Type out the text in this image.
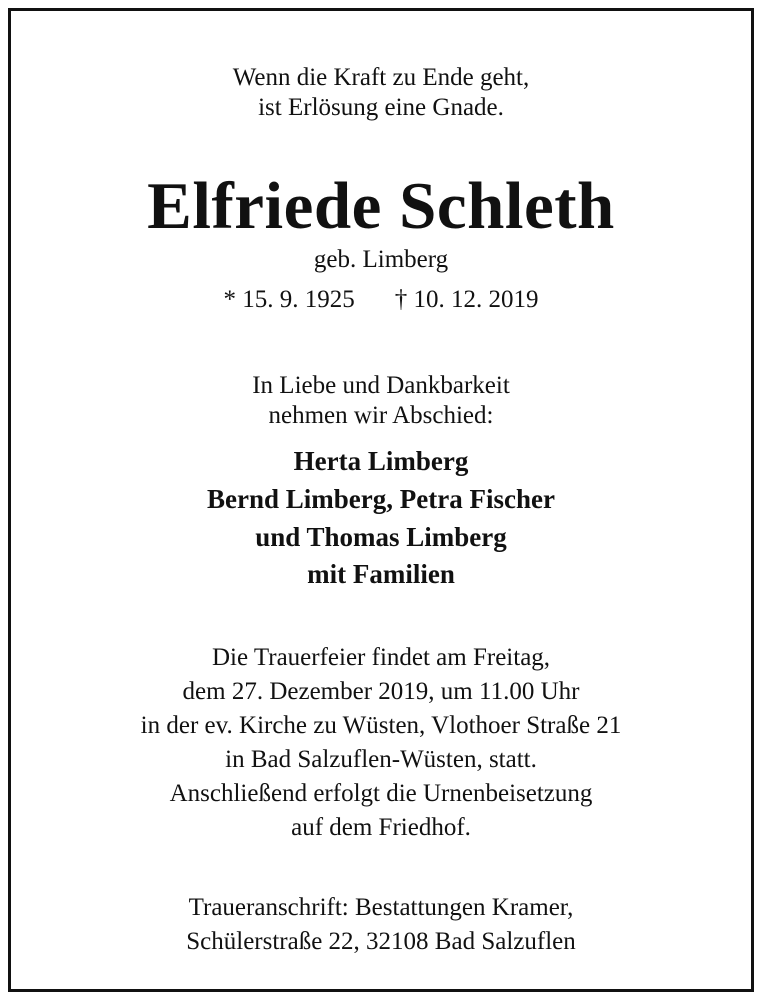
Wenn die Kraft zu Ende geht,
ist Erlösung eine Gnade.
Elfriede Schleth
geb. Limberg
* 15. 9. 1925 † 10. 12. 2019
In Liebe und Dankbarkeit
nehmen wir Abschied:
Herta Limberg
Bernd Limberg, Petra Fischer
und Thomas Limberg
mit Familien
Die Trauerfeier findet am Freitag,
dem 27. Dezember 2019, um 11.00 Uhr
in der ev. Kirche zu Wüsten, Vlothoer Straße 21
in Bad Salzuflen-Wüsten, statt.
Anschließend erfolgt die Urnenbeisetzung
auf dem Friedhof.
Traueranschrift: Bestattungen Kramer,
Schülerstraße 22, 32108 Bad Salzuflen
